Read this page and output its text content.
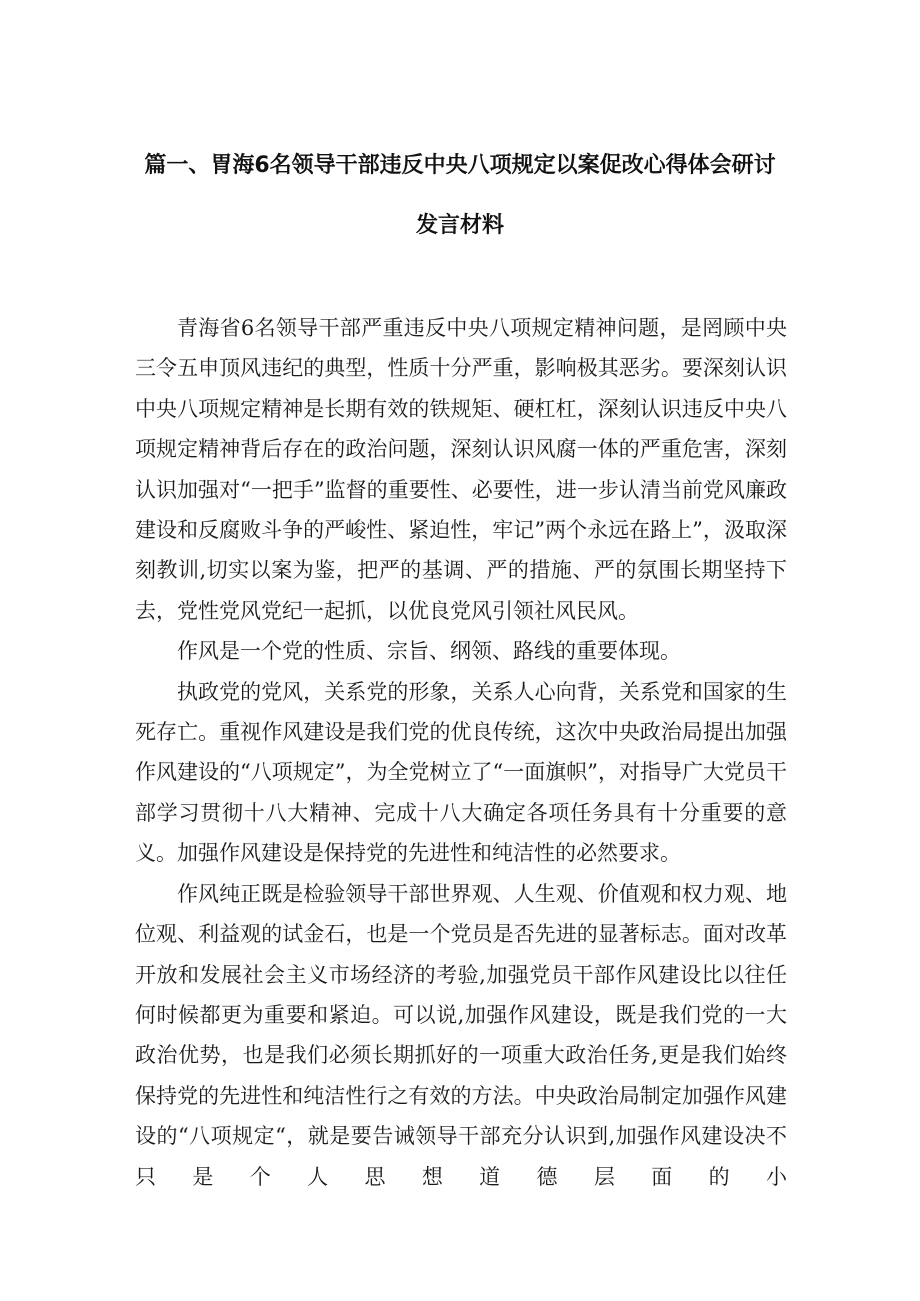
篇一、胃海6名领导干部违反中央八项规定以案促改心得体会研讨
发言材料

青海省6名领导干部严重违反中央八项规定精神问题，是罔顾中央三令五申顶风违纪的典型，性质十分严重，影响极其恶劣。要深刻认识中央八项规定精神是长期有效的铁规矩、硬杠杠，深刻认识违反中央八项规定精神背后存在的政治问题，深刻认识风腐一体的严重危害，深刻认识加强对“一把手”监督的重要性、必要性，进一步认清当前党风廉政建设和反腐败斗争的严峻性、紧迫性，牢记”两个永远在路上”，汲取深刻教训,切实以案为鉴，把严的基调、严的措施、严的氛围长期坚持下去，党性党风党纪一起抓，以优良党风引领社风民风。

作风是一个党的性质、宗旨、纲领、路线的重要体现。

执政党的党风，关系党的形象，关系人心向背，关系党和国家的生死存亡。重视作风建设是我们党的优良传统，这次中央政治局提出加强作风建设的“八项规定”，为全党树立了“一面旗帜”，对指导广大党员干部学习贯彻十八大精神、完成十八大确定各项任务具有十分重要的意义。加强作风建设是保持党的先进性和纯洁性的必然要求。

作风纯正既是检验领导干部世界观、人生观、价值观和权力观、地位观、利益观的试金石，也是一个党员是否先进的显著标志。面对改革开放和发展社会主义市场经济的考验,加强党员干部作风建设比以往任何时候都更为重要和紧迫。可以说,加强作风建设，既是我们党的一大政治优势，也是我们必须长期抓好的一项重大政治任务,更是我们始终保持党的先进性和纯洁性行之有效的方法。中央政治局制定加强作风建设的“八项规定“，就是要告诫领导干部充分认识到,加强作风建设决不只是个人思想道德层面的小
